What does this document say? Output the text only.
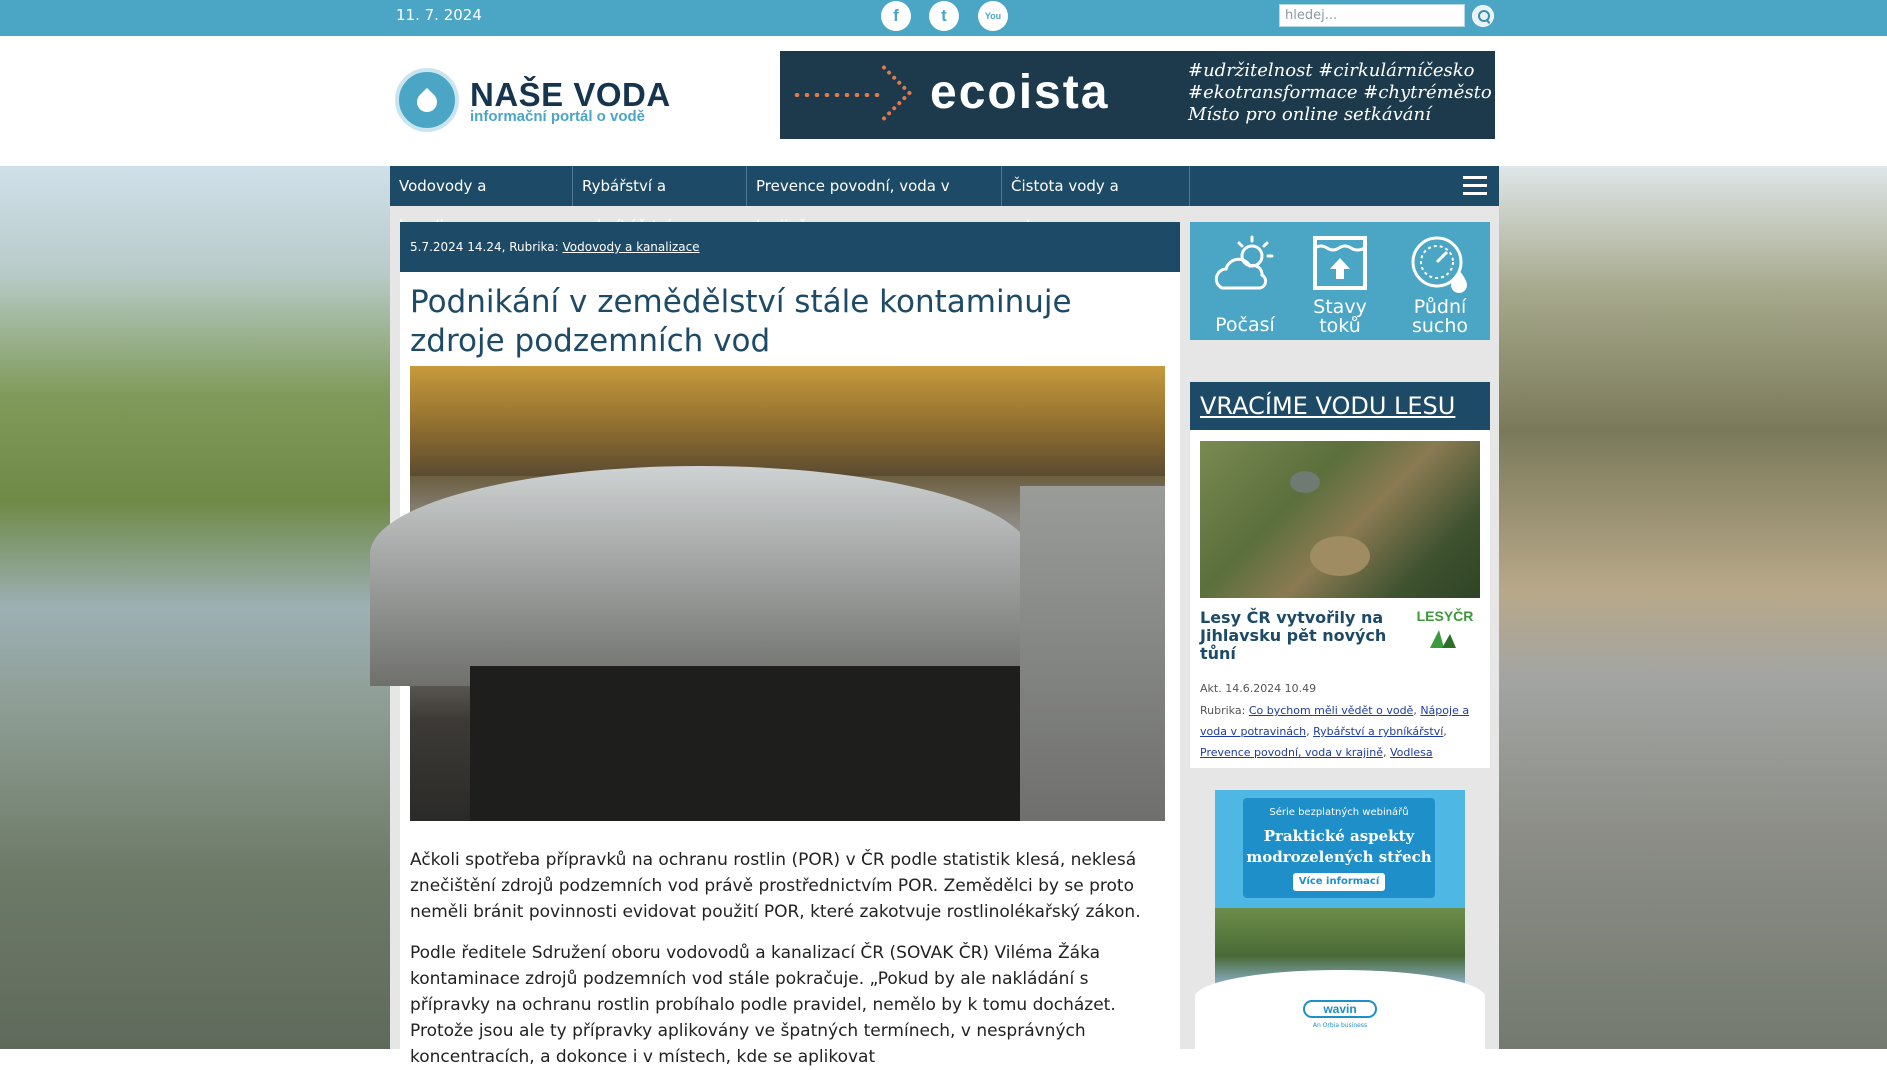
11. 7. 2024	f	t	You
hledej...
NAŠE VODA
informační portál o vodě	ecoista	#udržitelnost #cirkulárníčesko
#ekotransformace #chytréměsto
Místo pro online setkávání
Vodovody a	Rybářství a	Prevence povodní, voda v	Čistota vody a
5.7.2024 14.24, Rubrika: Vodovody a kanalizace
Podnikání v zemědělství stále kontaminuje zdroje podzemních vod

Ačkoli spotřeba přípravků na ochranu rostlin (POR) v ČR podle statistik klesá, neklesá znečištění zdrojů podzemních vod právě prostřednictvím POR. Zemědělci by se proto neměli bránit povinnosti evidovat použití POR, které zakotvuje rostlinolékařský zákon.

Podle ředitele Sdružení oboru vodovodů a kanalizací ČR (SOVAK ČR) Viléma Žáka kontaminace zdrojů podzemních vod stále pokračuje. „Pokud by ale nakládání s přípravky na ochranu rostlin probíhalo podle pravidel, nemělo by k tomu docházet. Protože jsou ale ty přípravky aplikovány ve špatných termínech, v nesprávných koncentracích, a dokonce i v místech, kde se aplikovat

Počasí
Stavy toků
Půdní sucho
VRACÍME VODU LESU
Lesy ČR vytvořily na Jihlavsku pět nových tůní
LESYČR
Akt. 14.6.2024 10.49
Rubrika: Co bychom měli vědět o vodě, Nápoje a voda v potravinách, Rybářství a rybníkářství, Prevence povodní, voda v krajině, Vodlesa
Série bezplatných webinářů
Praktické aspekty modrozelených střech
Více informací
wavin
An Orbia business
